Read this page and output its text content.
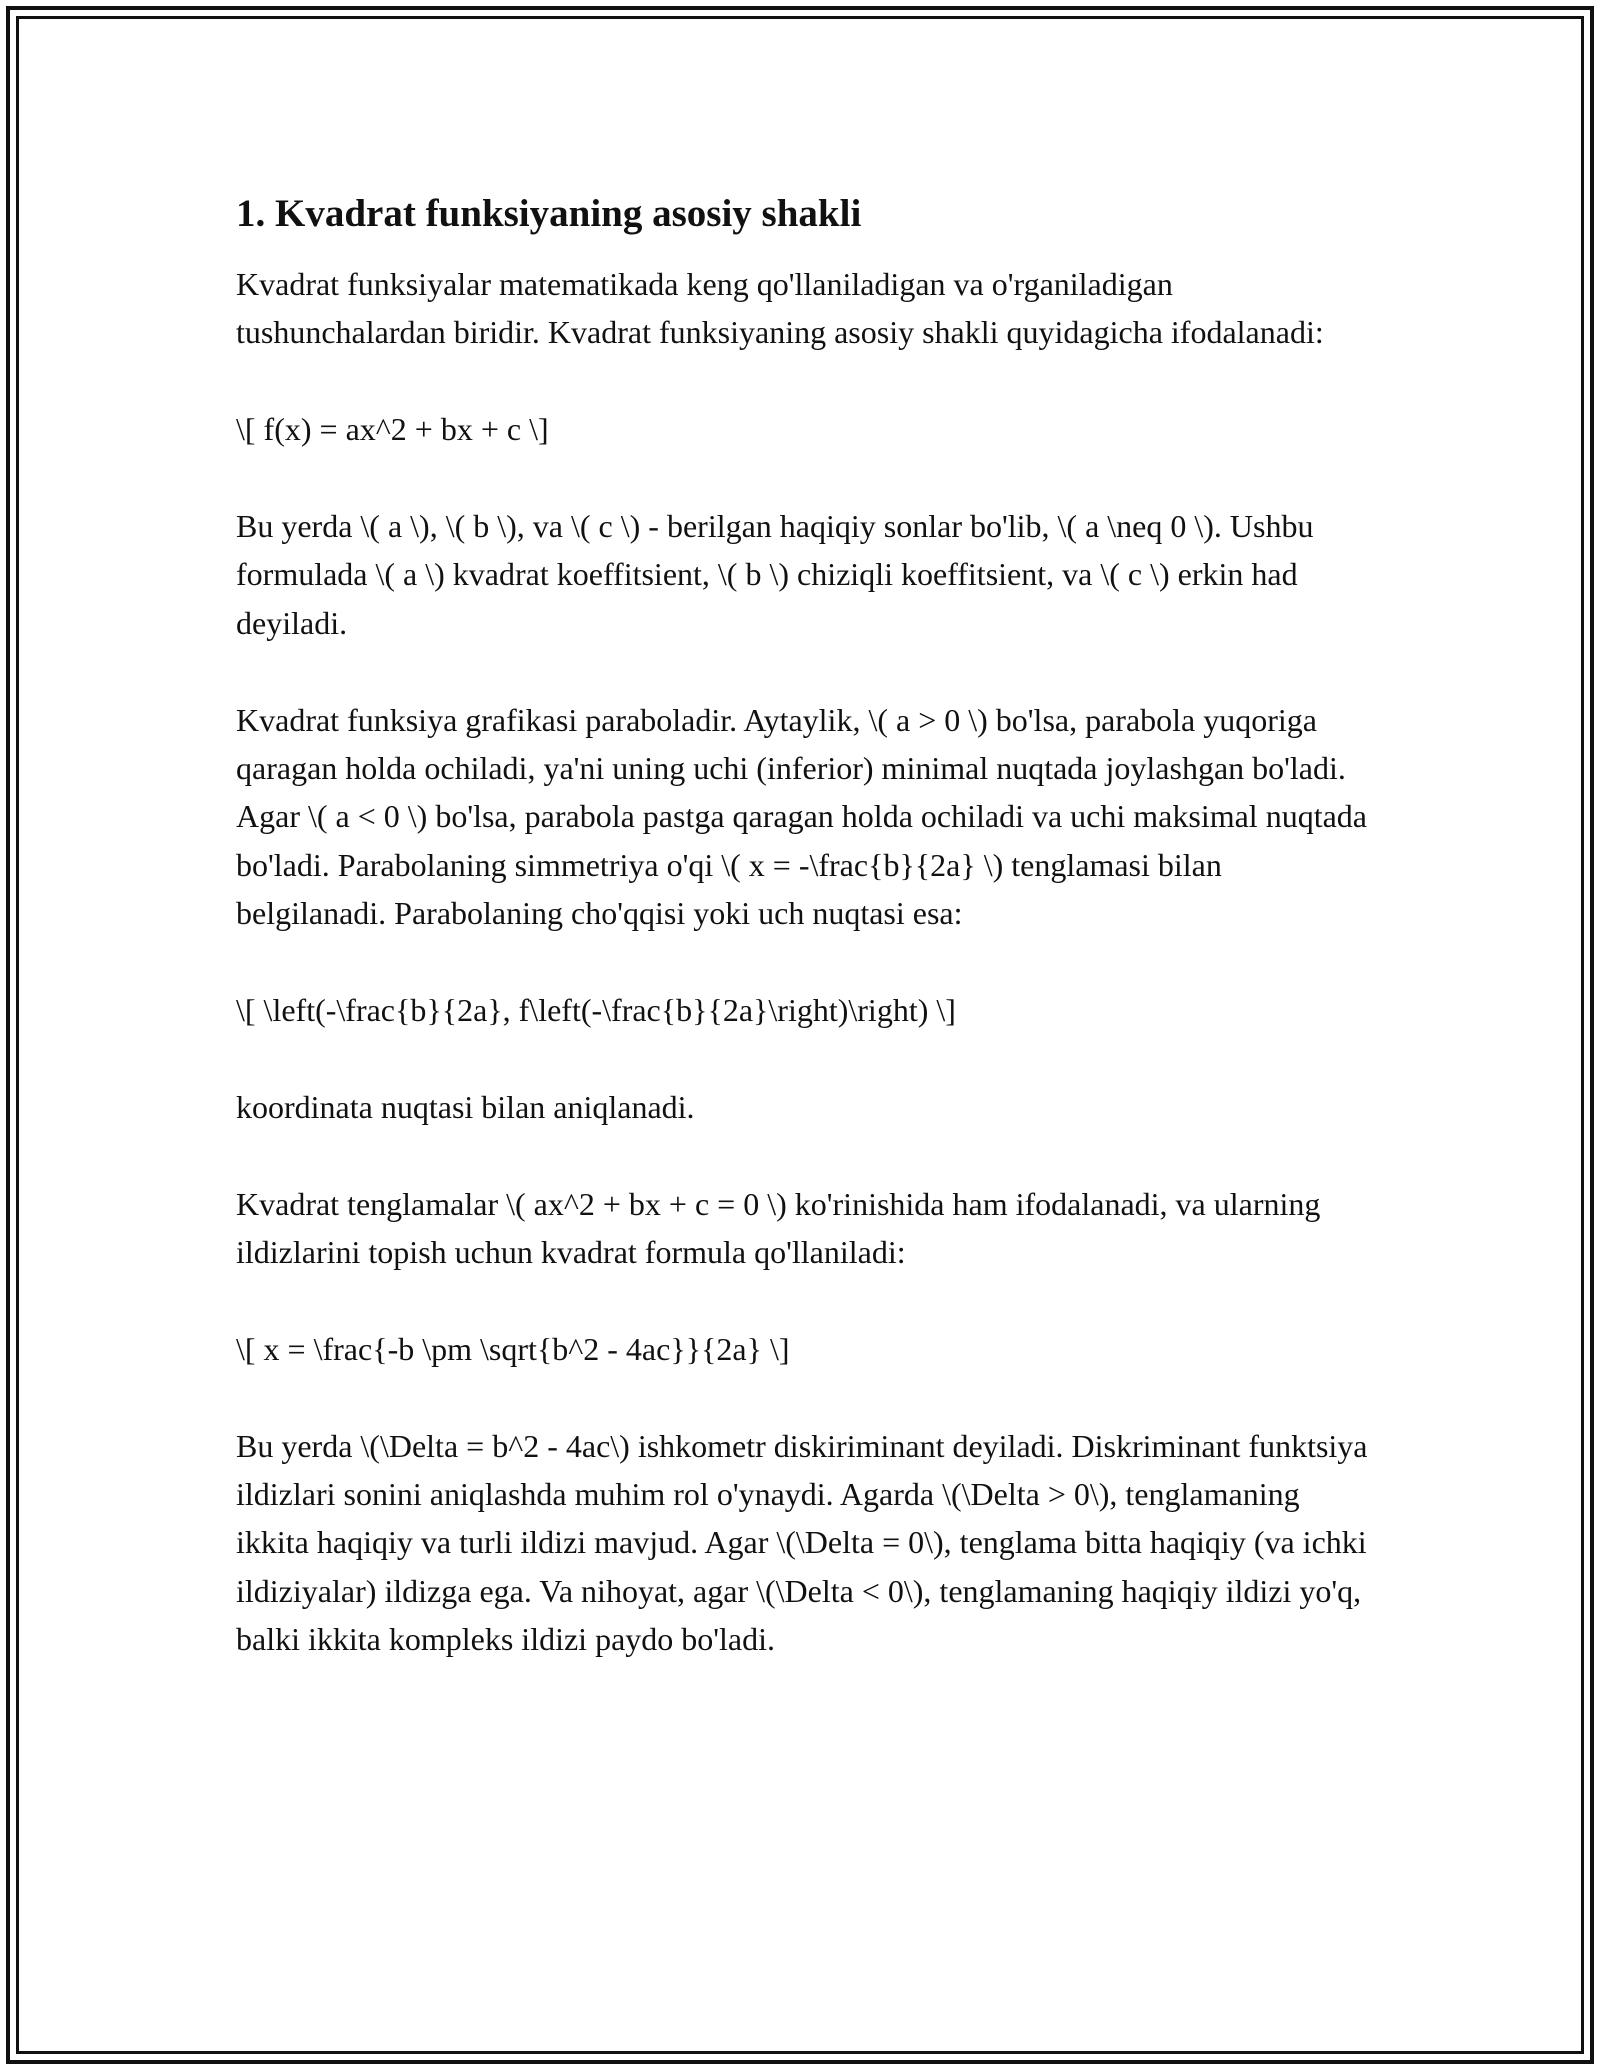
1. Kvadrat funksiyaning asosiy shakli

Kvadrat funksiyalar matematikada keng qo'llaniladigan va o'rganiladigan tushunchalardan biridir. Kvadrat funksiyaning asosiy shakli quyidagicha ifodalanadi:

\[ f(x) = ax^2 + bx + c \]

Bu yerda \( a \), \( b \), va \( c \) - berilgan haqiqiy sonlar bo'lib, \( a \neq 0 \). Ushbu formulada \( a \) kvadrat koeffitsient, \( b \) chiziqli koeffitsient, va \( c \) erkin had deyiladi.

Kvadrat funksiya grafikasi paraboladir. Aytaylik, \( a > 0 \) bo'lsa, parabola yuqoriga qaragan holda ochiladi, ya'ni uning uchi (inferior) minimal nuqtada joylashgan bo'ladi. Agar \( a < 0 \) bo'lsa, parabola pastga qaragan holda ochiladi va uchi maksimal nuqtada bo'ladi. Parabolaning simmetriya o'qi \( x = -\frac{b}{2a} \) tenglamasi bilan belgilanadi. Parabolaning cho'qqisi yoki uch nuqtasi esa:

\[ \left(-\frac{b}{2a}, f\left(-\frac{b}{2a}\right)\right) \]

koordinata nuqtasi bilan aniqlanadi.

Kvadrat tenglamalar \( ax^2 + bx + c = 0 \) ko'rinishida ham ifodalanadi, va ularning ildizlarini topish uchun kvadrat formula qo'llaniladi:

\[ x = \frac{-b \pm \sqrt{b^2 - 4ac}}{2a} \]

Bu yerda \(\Delta = b^2 - 4ac\) ishkometr diskiriminant deyiladi. Diskriminant funktsiya ildizlari sonini aniqlashda muhim rol o'ynaydi. Agarda \(\Delta > 0\), tenglamaning ikkita haqiqiy va turli ildizi mavjud. Agar \(\Delta = 0\), tenglama bitta haqiqiy (va ichki ildiziyalar) ildizga ega. Va nihoyat, agar \(\Delta < 0\), tenglamaning haqiqiy ildizi yo'q, balki ikkita kompleks ildizi paydo bo'ladi.
